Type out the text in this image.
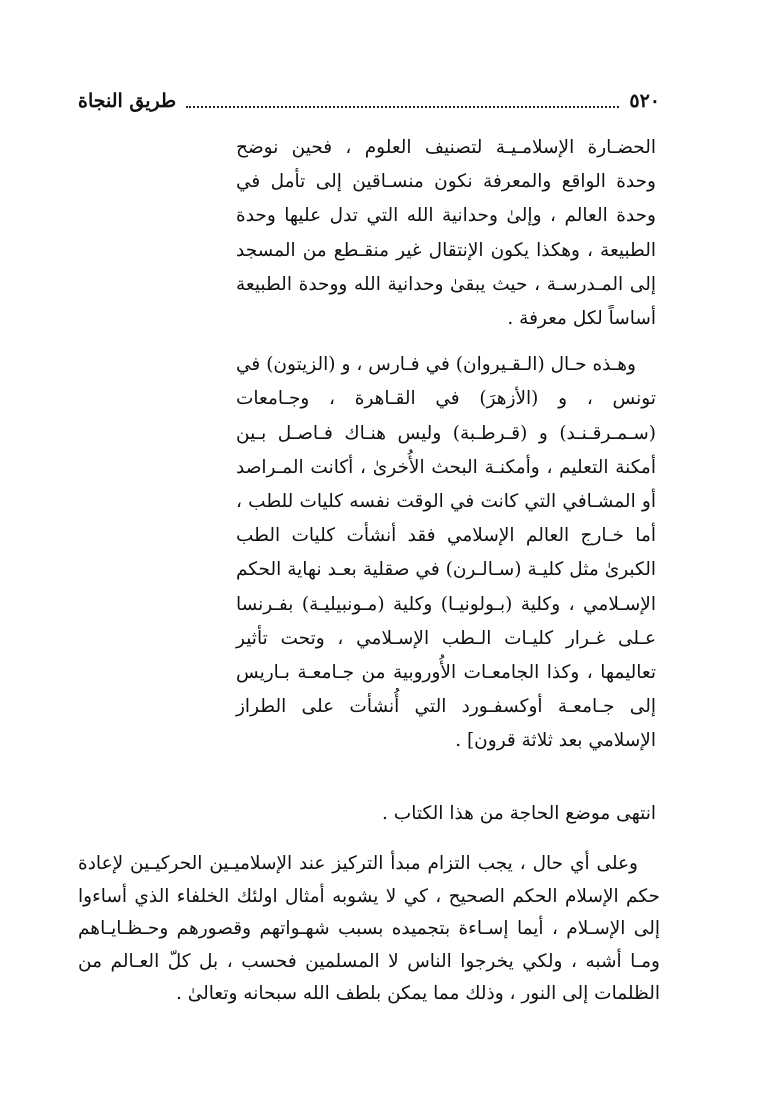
٥٢٠
طريق النجاة

الحضـارة الإسلامـيـة لتصنيف العلوم ، فحين نوضح وحدة الواقع والمعرفة نكون منسـاقين إلى تأمل في وحدة العالم ، وإلىٰ وحدانية الله التي تدل عليها وحدة الطبيعة ، وهكذا يكون الإنتقال غير منقـطع من المسجد إلى المـدرسـة ، حيث يبقىٰ وحدانية الله ووحدة الطبيعة أساساً لكل معرفة .

وهـذه حـال (الـقـيروان) في فـارس ، و (الزيتون) في تونس ، و (الأزهرَ) في القـاهرة ، وجـامعات (سـمـرقـنـد) و (قـرطـبة) وليس هنـاك فـاصـل بـين أمكنة التعليم ، وأمكنـة البحث الأُخرىٰ ، أكانت المـراصد أو المشـافي التي كانت في الوقت نفسه كليات للطب ، أما خـارج العالم الإسلامي فقد أنشأت كليات الطب الكبرىٰ مثل كليـة (سـالـرن) في صقلية بعـد نهاية الحكم الإسـلامي ، وكلية (بـولونيـا) وكلية (مـونبيليـة) بفـرنسا عـلى غـرار كليـات الـطب الإسـلامي ، وتحت تأثير تعاليمها ، وكذا الجامعـات الأُوروبية من جـامعـة بـاريس إلى جـامعـة أوكسفـورد التي أُنشأت على الطراز الإسلامي بعد ثلاثة قرون] .

انتهى موضع الحاجة من هذا الكتاب .

وعلى أي حال ، يجب التزام مبدأ التركيز عند الإسلاميـين الحركيـين لإعادة حكم الإسلام الحكم الصحيح ، كي لا يشوبه أمثال اولئك الخلفاء الذي أساءوا إلى الإسـلام ، أيما إسـاءة بتجميده بسبب شهـواتهم وقصورهم وحـظـايـاهم ومـا أشبه ، ولكي يخرجوا الناس لا المسلمين فحسب ، بل كلّ العـالم من الظلمات إلى النور ، وذلك مما يمكن بلطف الله سبحانه وتعالىٰ .
